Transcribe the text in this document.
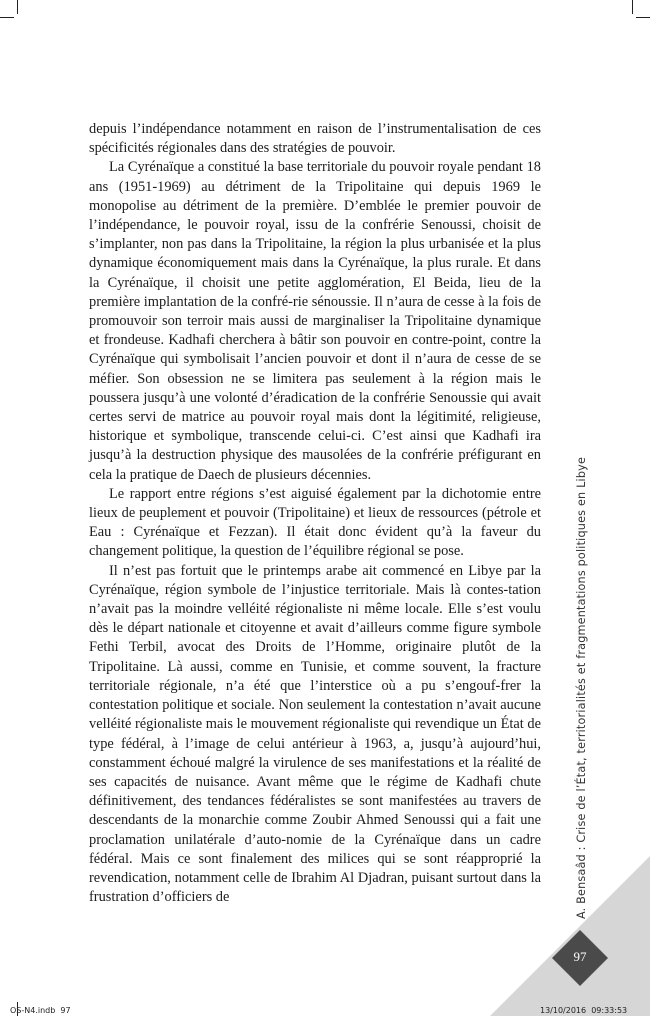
depuis l’indépendance notamment en raison de l’instrumentalisation de ces spécificités régionales dans des stratégies de pouvoir.

La Cyrénaïque a constitué la base territoriale du pouvoir royale pendant 18 ans (1951-1969) au détriment de la Tripolitaine qui depuis 1969 le monopolise au détriment de la première. D’emblée le premier pouvoir de l’indépendance, le pouvoir royal, issu de la confrérie Senoussi, choisit de s’implanter, non pas dans la Tripolitaine, la région la plus urbanisée et la plus dynamique économiquement mais dans la Cyrénaïque, la plus rurale. Et dans la Cyrénaïque, il choisit une petite agglomération, El Beida, lieu de la première implantation de la confré-rie sénoussie. Il n’aura de cesse à la fois de promouvoir son terroir mais aussi de marginaliser la Tripolitaine dynamique et frondeuse. Kadhafi cherchera à bâtir son pouvoir en contre-point, contre la Cyrénaïque qui symbolisait l’ancien pouvoir et dont il n’aura de cesse de se méfier. Son obsession ne se limitera pas seulement à la région mais le poussera jusqu’à une volonté d’éradication de la confrérie Senoussie qui avait certes servi de matrice au pouvoir royal mais dont la légitimité, religieuse, historique et symbolique, transcende celui-ci. C’est ainsi que Kadhafi ira jusqu’à la destruction physique des mausolées de la confrérie préfigurant en cela la pratique de Daech de plusieurs décennies.

Le rapport entre régions s’est aiguisé également par la dichotomie entre lieux de peuplement et pouvoir (Tripolitaine) et lieux de ressources (pétrole et Eau : Cyrénaïque et Fezzan). Il était donc évident qu’à la faveur du changement politique, la question de l’équilibre régional se pose.

Il n’est pas fortuit que le printemps arabe ait commencé en Libye par la Cyrénaïque, région symbole de l’injustice territoriale. Mais là contes-tation n’avait pas la moindre velléité régionaliste ni même locale. Elle s’est voulu dès le départ nationale et citoyenne et avait d’ailleurs comme figure symbole Fethi Terbil, avocat des Droits de l’Homme, originaire plutôt de la Tripolitaine. Là aussi, comme en Tunisie, et comme souvent, la fracture territoriale régionale, n’a été que l’interstice où a pu s’engouf-frer la contestation politique et sociale. Non seulement la contestation n’avait aucune velléité régionaliste mais le mouvement régionaliste qui revendique un État de type fédéral, à l’image de celui antérieur à 1963, a, jusqu’à aujourd’hui, constamment échoué malgré la virulence de ses manifestations et la réalité de ses capacités de nuisance. Avant même que le régime de Kadhafi chute définitivement, des tendances fédéralistes se sont manifestées au travers de descendants de la monarchie comme Zoubir Ahmed Senoussi qui a fait une proclamation unilatérale d’auto-nomie de la Cyrénaïque dans un cadre fédéral. Mais ce sont finalement des milices qui se sont réapproprié la revendication, notamment celle de Ibrahim Al Djadran, puisant surtout dans la frustration d’officiers de	A. Bensaâd : Crise de l’État, territorialités et fragmentations politiques en Libye
97
OS-N4.indb 97	13/10/2016 09:33:53
